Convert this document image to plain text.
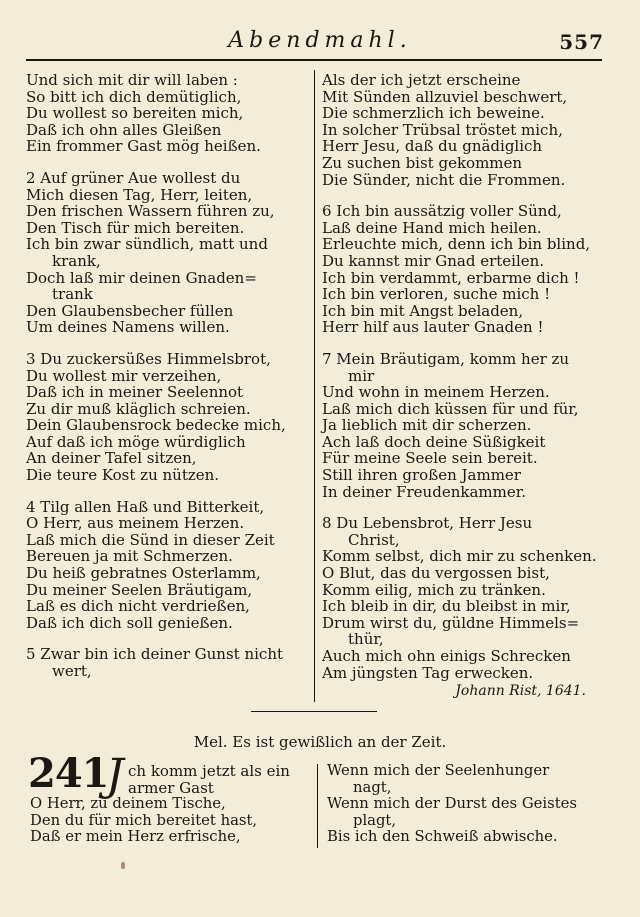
Abendmahl.	557
Und sich mit dir will laben :
So bitt ich dich demütiglich,
Du wollest so bereiten mich,
Daß ich ohn alles Gleißen
Ein frommer Gast mög heißen.
2 Auf grüner Aue wollest du
Mich diesen Tag, Herr, leiten,
Den frischen Wassern führen zu,
Den Tisch für mich bereiten.
Ich bin zwar sündlich, matt und
krank,
Doch laß mir deinen Gnaden=
trank
Den Glaubensbecher füllen
Um deines Namens willen.
3 Du zuckersüßes Himmelsbrot,
Du wollest mir verzeihen,
Daß ich in meiner Seelennot
Zu dir muß kläglich schreien.
Dein Glaubensrock bedecke mich,
Auf daß ich möge würdiglich
An deiner Tafel sitzen,
Die teure Kost zu nützen.
4 Tilg allen Haß und Bitterkeit,
O Herr, aus meinem Herzen.
Laß mich die Sünd in dieser Zeit
Bereuen ja mit Schmerzen.
Du heiß gebratnes Osterlamm,
Du meiner Seelen Bräutigam,
Laß es dich nicht verdrießen,
Daß ich dich soll genießen.
5 Zwar bin ich deiner Gunst nicht
wert,
Als der ich jetzt erscheine
Mit Sünden allzuviel beschwert,
Die schmerzlich ich beweine.
In solcher Trübsal tröstet mich,
Herr Jesu, daß du gnädiglich
Zu suchen bist gekommen
Die Sünder, nicht die Frommen.
6 Ich bin aussätzig voller Sünd,
Laß deine Hand mich heilen.
Erleuchte mich, denn ich bin blind,
Du kannst mir Gnad erteilen.
Ich bin verdammt, erbarme dich !
Ich bin verloren, suche mich !
Ich bin mit Angst beladen,
Herr hilf aus lauter Gnaden !
7 Mein Bräutigam, komm her zu
mir
Und wohn in meinem Herzen.
Laß mich dich küssen für und für,
Ja lieblich mit dir scherzen.
Ach laß doch deine Süßigkeit
Für meine Seele sein bereit.
Still ihren großen Jammer
In deiner Freudenkammer.
8 Du Lebensbrot, Herr Jesu
Christ,
Komm selbst, dich mir zu schenken.
O Blut, das du vergossen bist,
Komm eilig, mich zu tränken.
Ich bleib in dir, du bleibst in mir,
Drum wirst du, güldne Himmels=
thür,
Auch mich ohn einigs Schrecken
Am jüngsten Tag erwecken.
Johann Rist, 1641.
Mel. Es ist gewißlich an der Zeit.
241
J ch komm jetzt als ein
armer Gast
O Herr, zu deinem Tische,
Den du für mich bereitet hast,
Daß er mein Herz erfrische,
Wenn mich der Seelenhunger
nagt,
Wenn mich der Durst des Geistes
plagt,
Bis ich den Schweiß abwische.
